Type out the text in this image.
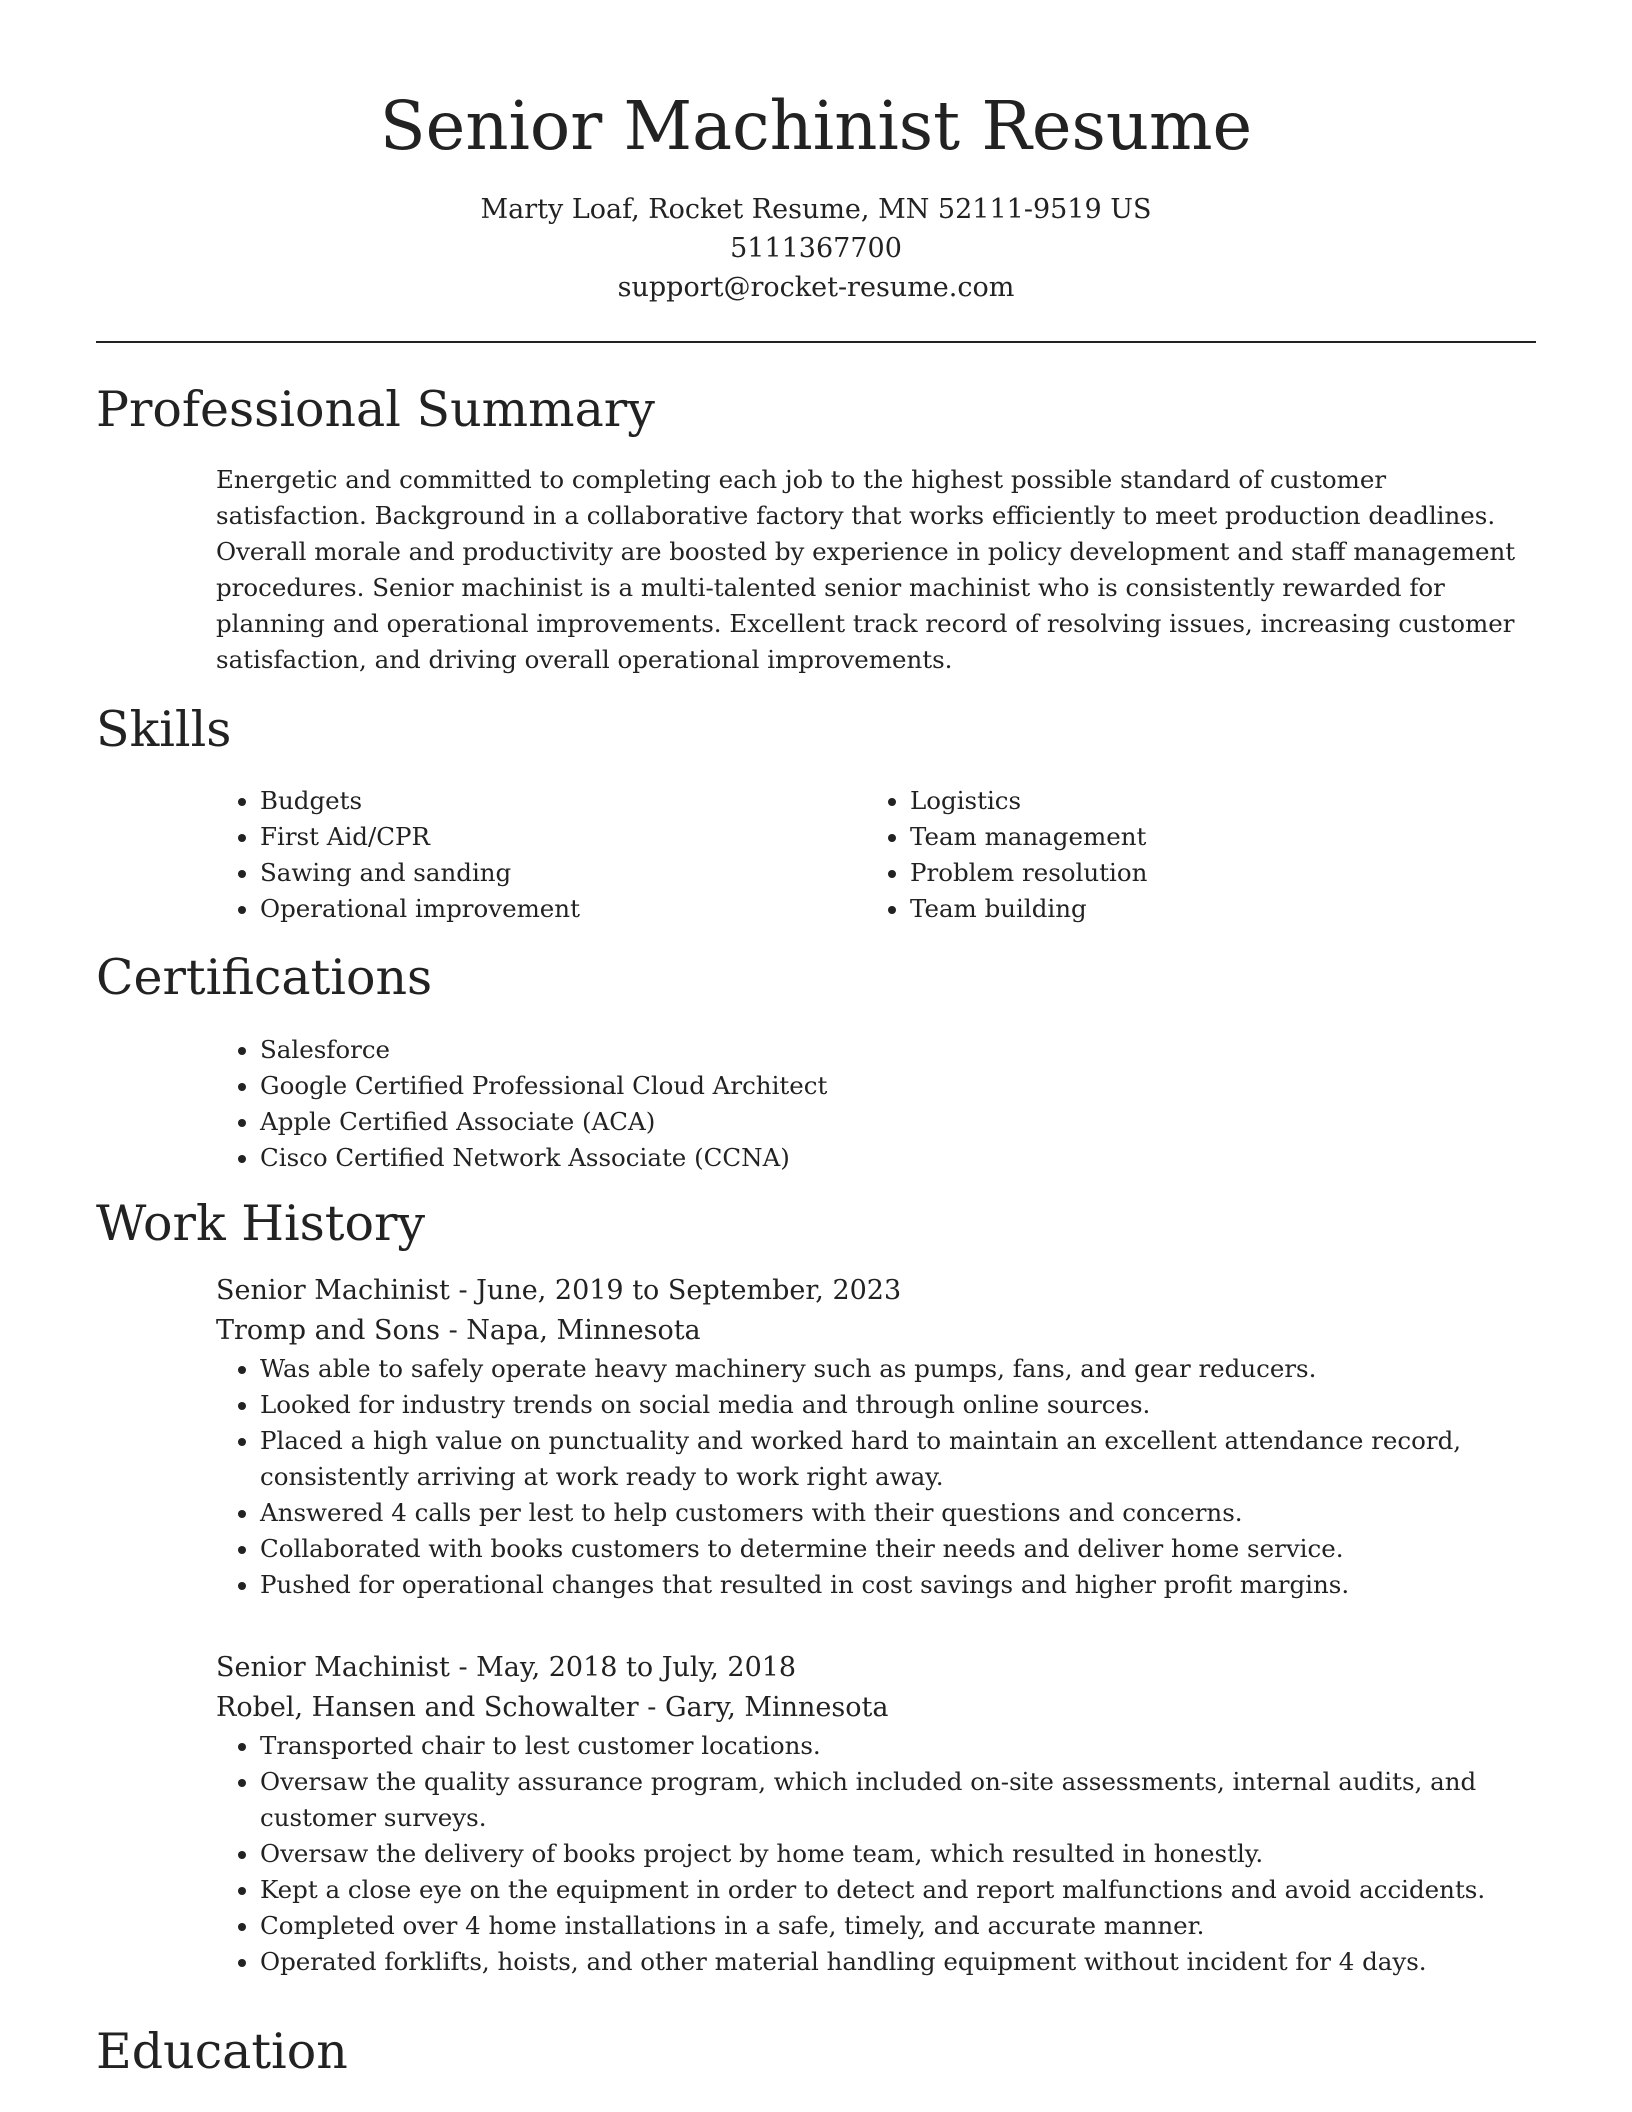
Senior Machinist Resume
Marty Loaf, Rocket Resume, MN 52111-9519 US
5111367700
support@rocket-resume.com
Professional Summary

Energetic and committed to completing each job to the highest possible standard of customer satisfaction. Background in a collaborative factory that works efficiently to meet production deadlines. Overall morale and productivity are boosted by experience in policy development and staff management procedures. Senior machinist is a multi-talented senior machinist who is consistently rewarded for planning and operational improvements. Excellent track record of resolving issues, increasing customer satisfaction, and driving overall operational improvements.

Skills
• Budgets
• First Aid/CPR
• Sawing and sanding
• Operational improvement
• Logistics
• Team management
• Problem resolution
• Team building
Certifications
• Salesforce
• Google Certified Professional Cloud Architect
• Apple Certified Associate (ACA)
• Cisco Certified Network Associate (CCNA)
Work History
Senior Machinist - June, 2019 to September, 2023
Tromp and Sons - Napa, Minnesota
• Was able to safely operate heavy machinery such as pumps, fans, and gear reducers.
• Looked for industry trends on social media and through online sources.
• Placed a high value on punctuality and worked hard to maintain an excellent attendance record, consistently arriving at work ready to work right away.
• Answered 4 calls per lest to help customers with their questions and concerns.
• Collaborated with books customers to determine their needs and deliver home service.
• Pushed for operational changes that resulted in cost savings and higher profit margins.
Senior Machinist - May, 2018 to July, 2018
Robel, Hansen and Schowalter - Gary, Minnesota
• Transported chair to lest customer locations.
• Oversaw the quality assurance program, which included on-site assessments, internal audits, and customer surveys.
• Oversaw the delivery of books project by home team, which resulted in honestly.
• Kept a close eye on the equipment in order to detect and report malfunctions and avoid accidents.
• Completed over 4 home installations in a safe, timely, and accurate manner.
• Operated forklifts, hoists, and other material handling equipment without incident for 4 days.
Education
